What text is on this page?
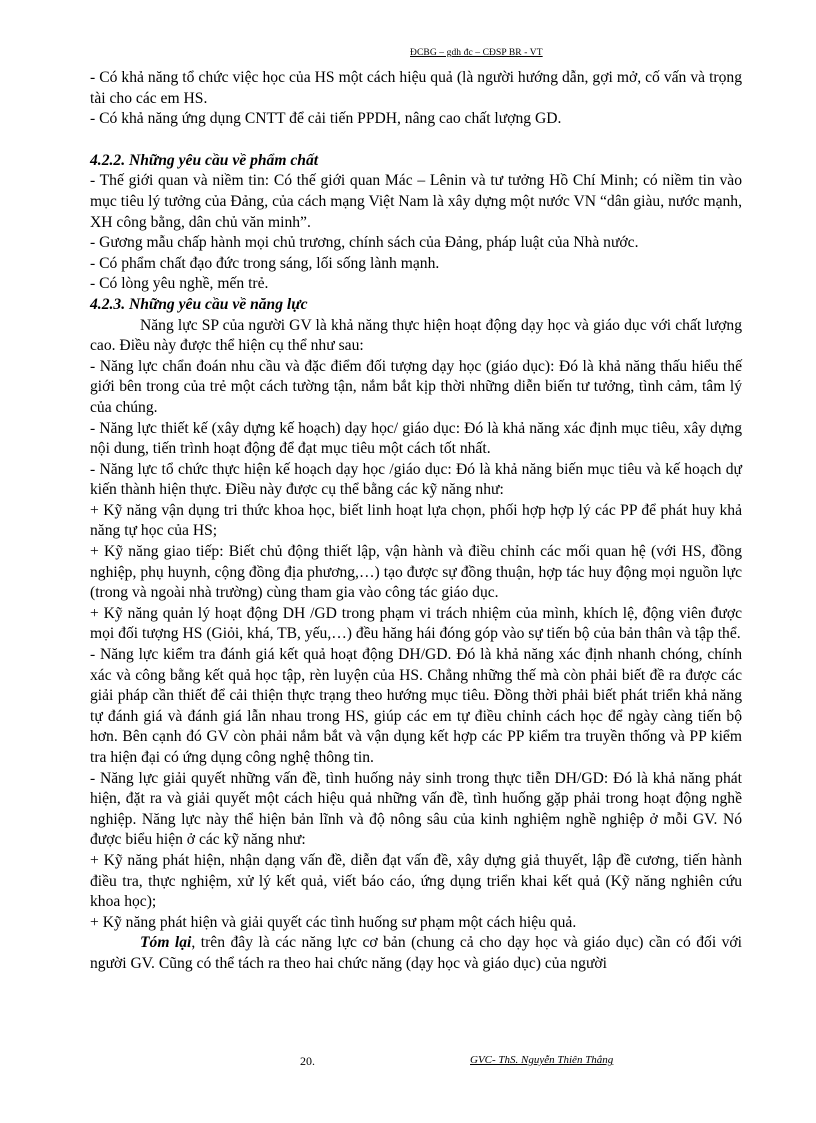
ĐCBG – gdh đc – CĐSP BR - VT

- Có khả năng tổ chức việc học của HS một cách hiệu quả (là người hướng dẫn, gợi mở, cố vấn và trọng tài cho các em HS.

- Có khả năng ứng dụng CNTT để cải tiến PPDH, nâng cao chất lượng GD.

4.2.2. Những yêu cầu về phẩm chất

- Thế giới quan và niềm tin: Có thế giới quan Mác – Lênin và tư tưởng Hồ Chí Minh; có niềm tin vào mục tiêu lý tưởng của Đảng, của cách mạng Việt Nam là xây dựng một nước VN “dân giàu, nước mạnh, XH công bằng, dân chủ văn minh”.

- Gương mẫu chấp hành mọi chủ trương, chính sách của Đảng, pháp luật của Nhà nước.

- Có phẩm chất đạo đức trong sáng, lối sống lành mạnh.

- Có lòng yêu nghề, mến trẻ.

4.2.3. Những yêu cầu về năng lực

Năng lực SP của người GV là khả năng thực hiện hoạt động dạy học và giáo dục với chất lượng cao. Điều này được thể hiện cụ thể như sau:

- Năng lực chẩn đoán nhu cầu và đặc điểm đối tượng dạy học (giáo dục): Đó là khả năng thấu hiểu thế giới bên trong của trẻ một cách tường tận, nắm bắt kịp thời những diễn biến tư tưởng, tình cảm, tâm lý của chúng.

- Năng lực thiết kế (xây dựng kế hoạch) dạy học/ giáo dục: Đó là khả năng xác định mục tiêu, xây dựng nội dung, tiến trình hoạt động để đạt mục tiêu một cách tốt nhất.

- Năng lực tổ chức thực hiện kế hoạch dạy học /giáo dục: Đó là khả năng biến mục tiêu và kế hoạch dự kiến thành hiện thực. Điều này được cụ thể bằng các kỹ năng như:

+ Kỹ năng vận dụng tri thức khoa học, biết linh hoạt lựa chọn, phối hợp hợp lý các PP để phát huy khả năng tự học của HS;

+ Kỹ năng giao tiếp: Biết chủ động thiết lập, vận hành và điều chỉnh các mối quan hệ (với HS, đồng nghiệp, phụ huynh, cộng đồng địa phương,…) tạo được sự đồng thuận, hợp tác huy động mọi nguồn lực (trong và ngoài nhà trường) cùng tham gia vào công tác giáo dục.

+ Kỹ năng quản lý hoạt động DH /GD trong phạm vi trách nhiệm của mình, khích lệ, động viên được mọi đối tượng HS (Giỏi, khá, TB, yếu,…) đều hăng hái đóng góp vào sự tiến bộ của bản thân và tập thể.

- Năng lực kiểm tra đánh giá kết quả hoạt động DH/GD. Đó là khả năng xác định nhanh chóng, chính xác và công bằng kết quả học tập, rèn luyện của HS. Chẳng những thế mà còn phải biết đề ra được các giải pháp cần thiết để cải thiện thực trạng theo hướng mục tiêu. Đồng thời phải biết phát triển khả năng tự đánh giá và đánh giá lẫn nhau trong HS, giúp các em tự điều chỉnh cách học để ngày càng tiến bộ hơn. Bên cạnh đó GV còn phải nắm bắt và vận dụng kết hợp các PP kiểm tra truyền thống và PP kiểm tra hiện đại có ứng dụng công nghệ thông tin.

- Năng lực giải quyết những vấn đề, tình huống nảy sinh trong thực tiễn DH/GD: Đó là khả năng phát hiện, đặt ra và giải quyết một cách hiệu quả những vấn đề, tình huống gặp phải trong hoạt động nghề nghiệp. Năng lực này thể hiện bản lĩnh và độ nông sâu của kinh nghiệm nghề nghiệp ở mỗi GV. Nó được biểu hiện ở các kỹ năng như:

+ Kỹ năng phát hiện, nhận dạng vấn đề, diễn đạt vấn đề, xây dựng giả thuyết, lập đề cương, tiến hành điều tra, thực nghiệm, xử lý kết quả, viết báo cáo, ứng dụng triển khai kết quả (Kỹ năng nghiên cứu khoa học);

+ Kỹ năng phát hiện và giải quyết các tình huống sư phạm một cách hiệu quả.

Tóm lại, trên đây là các năng lực cơ bản (chung cả cho dạy học và giáo dục) cần có đối với người GV. Cũng có thể tách ra theo hai chức năng (dạy học và giáo dục) của người

20.	GVC- ThS. Nguyễn Thiên Thắng
